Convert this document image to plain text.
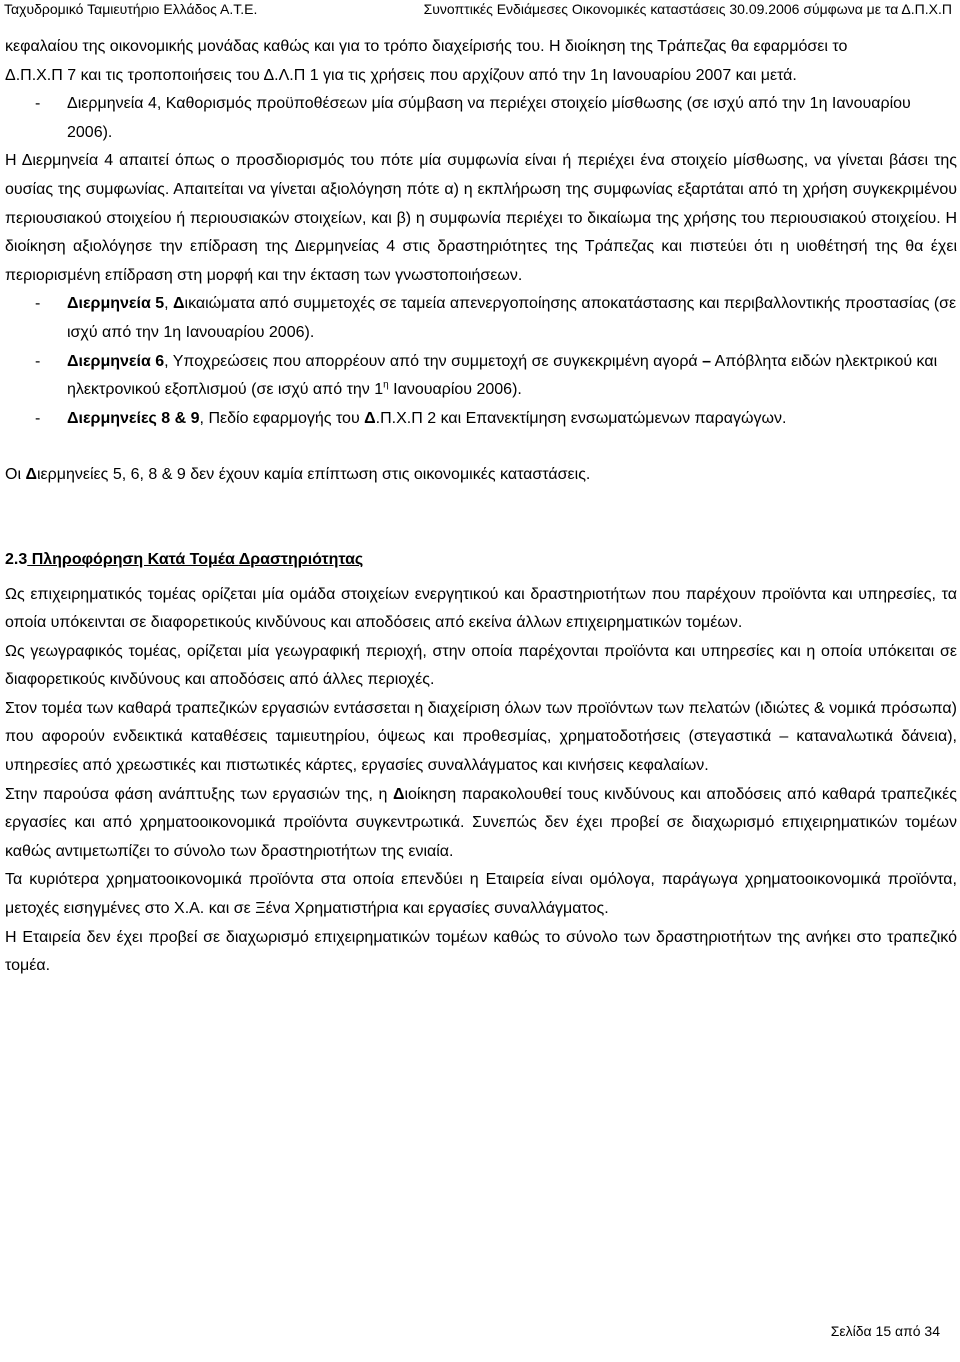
Ταχυδρομικό Ταμιευτήριο Ελλάδος Α.Τ.Ε.	Συνοπτικές Ενδιάμεσες Οικονομικές καταστάσεις 30.09.2006 σύμφωνα με τα Δ.Π.Χ.Π

κεφαλαίου της οικονομικής μονάδας καθώς και για το τρόπο διαχείρισής του. Η διοίκηση της Τράπεζας θα εφαρμόσει το
Δ.Π.Χ.Π 7 και τις τροποποιήσεις του Δ.Λ.Π 1 για τις χρήσεις που αρχίζουν από την 1η Ιανουαρίου 2007 και μετά.

- Διερμηνεία 4, Καθορισμός προϋποθέσεων μία σύμβαση να περιέχει στοιχείο μίσθωσης (σε ισχύ από την 1η Ιανουαρίου 2006).

Η Διερμηνεία 4 απαιτεί όπως ο προσδιορισμός του πότε μία συμφωνία είναι ή περιέχει ένα στοιχείο μίσθωσης, να γίνεται βάσει της ουσίας της συμφωνίας. Απαιτείται να γίνεται αξιολόγηση πότε α) η εκπλήρωση της συμφωνίας εξαρτάται από τη χρήση συγκεκριμένου περιουσιακού στοιχείου ή περιουσιακών στοιχείων, και β) η συμφωνία περιέχει το δικαίωμα της χρήσης του περιουσιακού στοιχείου. Η διοίκηση αξιολόγησε την επίδραση της Διερμηνείας 4 στις δραστηριότητες της Τράπεζας και πιστεύει ότι η υιοθέτησή της θα έχει περιορισμένη επίδραση στη μορφή και την έκταση των γνωστοποιήσεων.

- Διερμηνεία 5, Δικαιώματα από συμμετοχές σε ταμεία απενεργοποίησης αποκατάστασης και περιβαλλοντικής προστασίας (σε ισχύ από την 1η Ιανουαρίου 2006).
- Διερμηνεία 6, Υποχρεώσεις που απορρέουν από την συμμετοχή σε συγκεκριμένη αγορά – Απόβλητα ειδών ηλεκτρικού και ηλεκτρονικού εξοπλισμού (σε ισχύ από την $1^\eta$ Ιανουαρίου 2006).
- Διερμηνείες 8 & 9, Πεδίο εφαρμογής του Δ.Π.Χ.Π 2 και Επανεκτίμηση ενσωματώμενων παραγώγων.

Οι Διερμηνείες 5, 6, 8 & 9 δεν έχουν καμία επίπτωση στις οικονομικές καταστάσεις.

2.3 Πληροφόρηση Κατά Τομέα Δραστηριότητας

Ως επιχειρηματικός τομέας ορίζεται μία ομάδα στοιχείων ενεργητικού και δραστηριοτήτων που παρέχουν προϊόντα και υπηρεσίες, τα οποία υπόκεινται σε διαφορετικούς κινδύνους και αποδόσεις από εκείνα άλλων επιχειρηματικών τομέων.

Ως γεωγραφικός τομέας, ορίζεται μία γεωγραφική περιοχή, στην οποία παρέχονται προϊόντα και υπηρεσίες και η οποία υπόκειται σε διαφορετικούς κινδύνους και αποδόσεις από άλλες περιοχές.

Στον τομέα των καθαρά τραπεζικών εργασιών εντάσσεται η διαχείριση όλων των προϊόντων των πελατών (ιδιώτες & νομικά πρόσωπα) που αφορούν ενδεικτικά καταθέσεις ταμιευτηρίου, όψεως και προθεσμίας, χρηματοδοτήσεις (στεγαστικά – καταναλωτικά δάνεια), υπηρεσίες από χρεωστικές και πιστωτικές κάρτες, εργασίες συναλλάγματος και κινήσεις κεφαλαίων.

Στην παρούσα φάση ανάπτυξης των εργασιών της, η Διοίκηση παρακολουθεί τους κινδύνους και αποδόσεις από καθαρά τραπεζικές εργασίες και από χρηματοοικονομικά προϊόντα συγκεντρωτικά. Συνεπώς δεν έχει προβεί σε διαχωρισμό επιχειρηματικών τομέων καθώς αντιμετωπίζει το σύνολο των δραστηριοτήτων της ενιαία.

Τα κυριότερα χρηματοοικονομικά προϊόντα στα οποία επενδύει η Εταιρεία είναι ομόλογα, παράγωγα χρηματοοικονομικά προϊόντα, μετοχές εισηγμένες στο Χ.Α. και σε Ξένα Χρηματιστήρια και εργασίες συναλλάγματος.

Η Εταιρεία δεν έχει προβεί σε διαχωρισμό επιχειρηματικών τομέων καθώς το σύνολο των δραστηριοτήτων της ανήκει στο τραπεζικό τομέα.

Σελίδα 15 από 34
